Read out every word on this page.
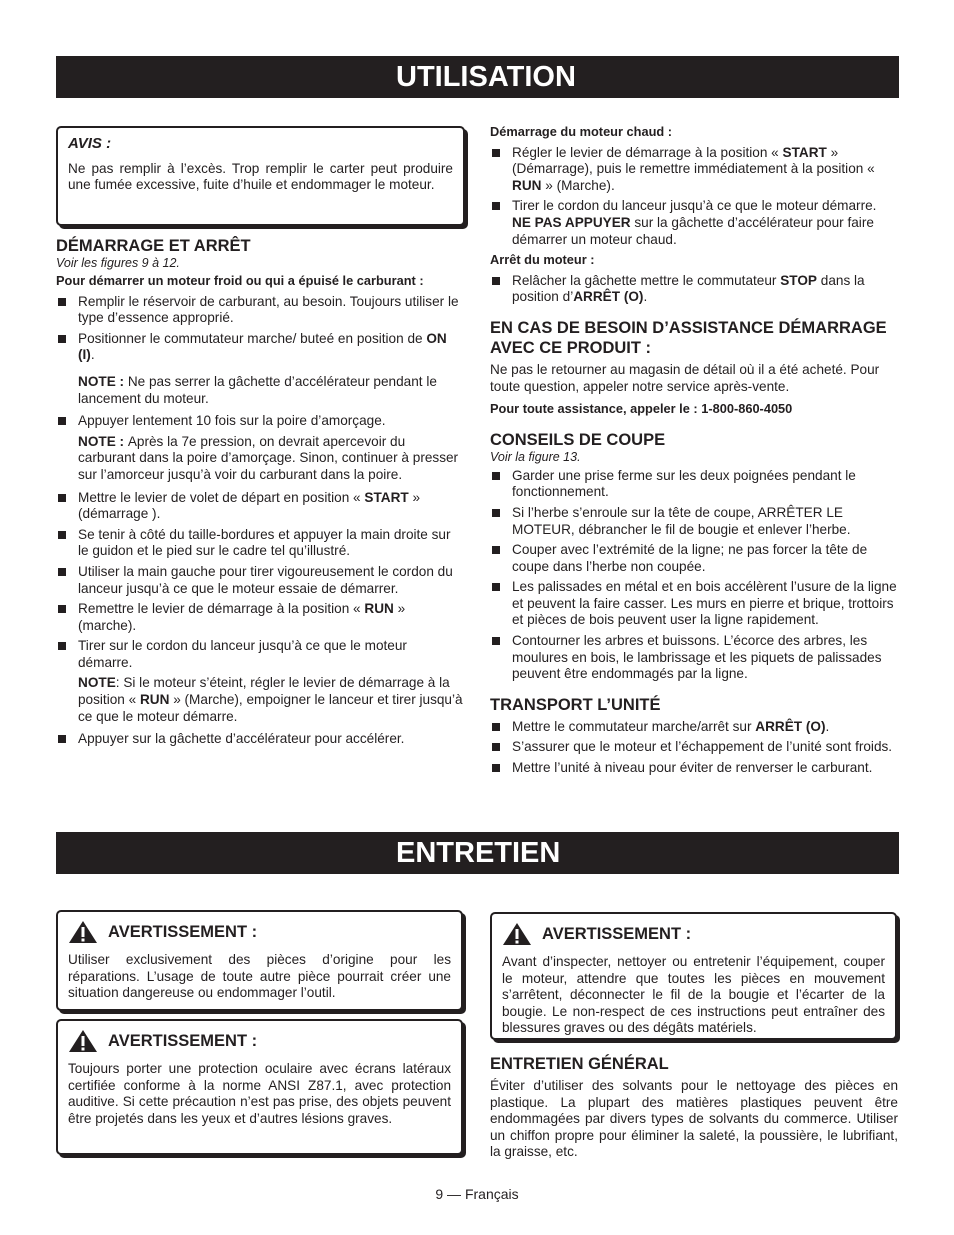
UTILISATION
AVIS :
Ne pas remplir à l’excès. Trop remplir le carter peut produire une fumée excessive, fuite d’huile et endommager le moteur.

DÉMARRAGE ET ARRÊT

Voir les figures 9 à 12.
Pour démarrer un moteur froid ou qui a épuisé le carburant :
Remplir le réservoir de carburant, au besoin. Toujours utiliser le type d’essence approprié.
Positionner le commutateur marche/ buteé en position de ON (I).
NOTE : Ne pas serrer la gâchette d’accélérateur pendant le lancement du moteur.
Appuyer lentement 10 fois sur la poire d’amorçage.
NOTE : Après la 7e pression, on devrait apercevoir du carburant dans la poire d’amorçage. Sinon, continuer à presser sur l’amorceur jusqu’à voir du carburant dans la poire.
Mettre le levier de volet de départ en position « START » (démarrage ).
Se tenir à côté du taille-bordures et appuyer la main droite sur le guidon et le pied sur le cadre tel qu’illustré.
Utiliser la main gauche pour tirer vigoureusement le cordon du lanceur jusqu’à ce que le moteur essaie de démarrer.
Remettre le levier de démarrage à la position « RUN » (marche).
Tirer sur le cordon du lanceur jusqu’à ce que le moteur démarre.
NOTE: Si le moteur s’éteint, régler le levier de démarrage à la position « RUN » (Marche), empoigner le lanceur et tirer jusqu’à ce que le moteur démarre.
Appuyer sur la gâchette d’accélérateur pour accélérer.
Démarrage du moteur chaud :
Régler le levier de démarrage à la position « START » (Démarrage), puis le remettre immédiatement à la position « RUN » (Marche).
Tirer le cordon du lanceur jusqu’à ce que le moteur démarre. NE PAS APPUYER sur la gâchette d’accélérateur pour faire démarrer un moteur chaud.
Arrêt du moteur :
Relâcher la gâchette mettre le commutateur STOP dans la position d’ARRÊT (O).

EN CAS DE BESOIN D’ASSISTANCE DÉMARRAGE AVEC CE PRODUIT :

Ne pas le retourner au magasin de détail où il a été acheté. Pour toute question, appeler notre service après-vente.
Pour toute assistance, appeler le : 1-800-860-4050

CONSEILS DE COUPE

Voir la figure 13.
Garder une prise ferme sur les deux poignées pendant le fonctionnement.
Si l’herbe s’enroule sur la tête de coupe, ARRÊTER LE MOTEUR, débrancher le fil de bougie et enlever l’herbe.
Couper avec l’extrémité de la ligne; ne pas forcer la tête de coupe dans l’herbe non coupée.
Les palissades en métal et en bois accélèrent l’usure de la ligne et peuvent la faire casser. Les murs en pierre et brique, trottoirs et pièces de bois peuvent user la ligne rapidement.
Contourner les arbres et buissons. L’écorce des arbres, les moulures en bois, le lambrissage et les piquets de palissades peuvent être endommagés par la ligne.

TRANSPORT L’UNITÉ

Mettre le commutateur marche/arrêt sur ARRÊT (O).
S’assurer que le moteur et l’échappement de l’unité sont froids.
Mettre l’unité à niveau pour éviter de renverser le carburant.
ENTRETIEN
AVERTISSEMENT :
Utiliser exclusivement des pièces d’origine pour les réparations. L’usage de toute autre pièce pourrait créer une situation dangereuse ou endommager l’outil.
AVERTISSEMENT :
Toujours porter une protection oculaire avec écrans latéraux certifiée conforme à la norme ANSI Z87.1, avec protection auditive. Si cette précaution n’est pas prise, des objets peuvent être projetés dans les yeux et d’autres lésions graves.
AVERTISSEMENT :
Avant d’inspecter, nettoyer ou entretenir l’équipement, couper le moteur, attendre que toutes les pièces en mouvement s’arrêtent, déconnecter le fil de la bougie et l’écarter de la bougie. Le non-respect de ces instructions peut entraîner des blessures graves ou des dégâts matériels.

ENTRETIEN GÉNÉRAL

Éviter d’utiliser des solvants pour le nettoyage des pièces en plastique. La plupart des matières plastiques peuvent être endommagées par divers types de solvants du commerce. Utiliser un chiffon propre pour éliminer la saleté, la poussière, le lubrifiant, la graisse, etc.
9 — Français
